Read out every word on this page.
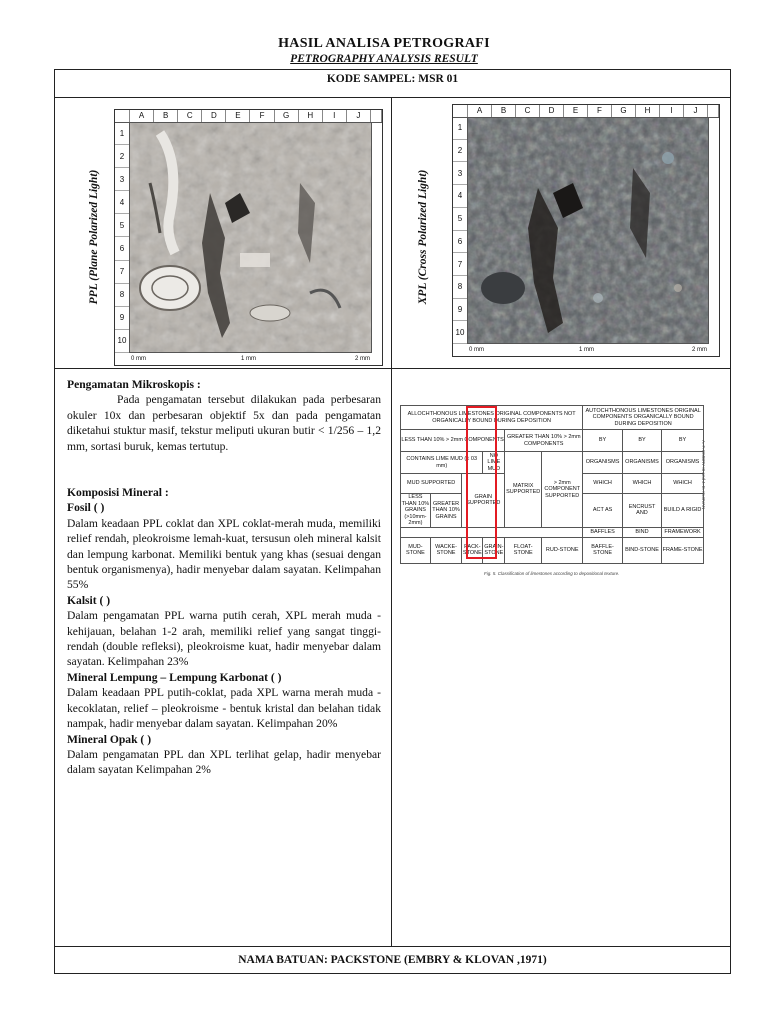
HASIL ANALISA PETROGRAFI
PETROGRAPHY ANALYSIS RESULT
KODE SAMPEL: MSR 01
PPL (Plane Polarized Light)	XPL (Cross Polarized Light)
A	B	C	D	E	F	G	H	I	J
1
2
3
4
5
6
7
8
9
10
0 mm	1 mm	2 mm
A	B	C	D	E	F	G	H	I	J
1
2
3
4
5
6
7
8
9
10
0 mm	1 mm	2 mm
Pengamatan Mikroskopis :
Pada pengamatan tersebut dilakukan pada perbesaran okuler 10x dan perbesaran objektif 5x dan pada pengamatan diketahui stuktur masif, tekstur meliputi ukuran butir < 1/256 – 1,2 mm, sortasi buruk, kemas tertutup.
Komposisi Mineral :
Fosil ( )
Dalam keadaan PPL coklat dan XPL coklat-merah muda, memiliki relief rendah, pleokroisme lemah-kuat, tersusun oleh mineral kalsit dan lempung karbonat. Memiliki bentuk yang khas (sesuai dengan bentuk organismenya), hadir menyebar dalam sayatan. Kelimpahan 55%
Kalsit ( )
Dalam pengamatan PPL warna putih cerah, XPL merah muda - kehijauan, belahan 1-2 arah, memiliki relief yang sangat tinggi-rendah (double refleksi), pleokroisme kuat, hadir menyebar dalam sayatan. Kelimpahan 23%
Mineral Lempung – Lempung Karbonat ( )
Dalam keadaan PPL putih-coklat, pada XPL warna merah muda - kecoklatan, relief – pleokroisme - bentuk kristal dan belahan tidak nampak, hadir menyebar dalam sayatan. Kelimpahan 20%
Mineral Opak ( )
Dalam pengamatan PPL dan XPL terlihat gelap, hadir menyebar dalam sayatan Kelimpahan 2%
ALLOCHTHONOUS LIMESTONES ORIGINAL COMPONENTS NOT ORGANICALLY BOUND DURING DEPOSITION						AUTOCHTHONOUS LIMESTONES ORIGINAL COMPONENTS ORGANICALLY BOUND DURING DEPOSITION		
LESS THAN 10% > 2mm COMPONENTS				GREATER THAN 10% > 2mm COMPONENTS		BY	BY	BY
CONTAINS LIME MUD (< 03 mm)			NO LIME MUD	MATRIX SUPPORTED	> 2mm COMPONENT SUPPORTED	ORGANISMS	ORGANISMS	ORGANISMS
MUD SUPPORTED		GRAIN SUPPORTED				WHICH	WHICH	WHICH
LESS THAN 10% GRAINS (>10mm-2mm)	GREATER THAN 10% GRAINS					ACT AS	ENCRUST AND	BUILD A RIGID
						BAFFLES	BIND	FRAMEWORK
MUD-STONE	WACKE-STONE	PACK-STONE	GRAIN-STONE	FLOAT-STONE	RUD-STONE	BAFFLE-STONE	BIND-STONE	FRAME-STONE
Fig. 5. Classification of limestones according to depositional texture.
A. F. EMBRY III and J. E. KLOVAN
NAMA BATUAN: PACKSTONE (EMBRY & KLOVAN ,1971)
